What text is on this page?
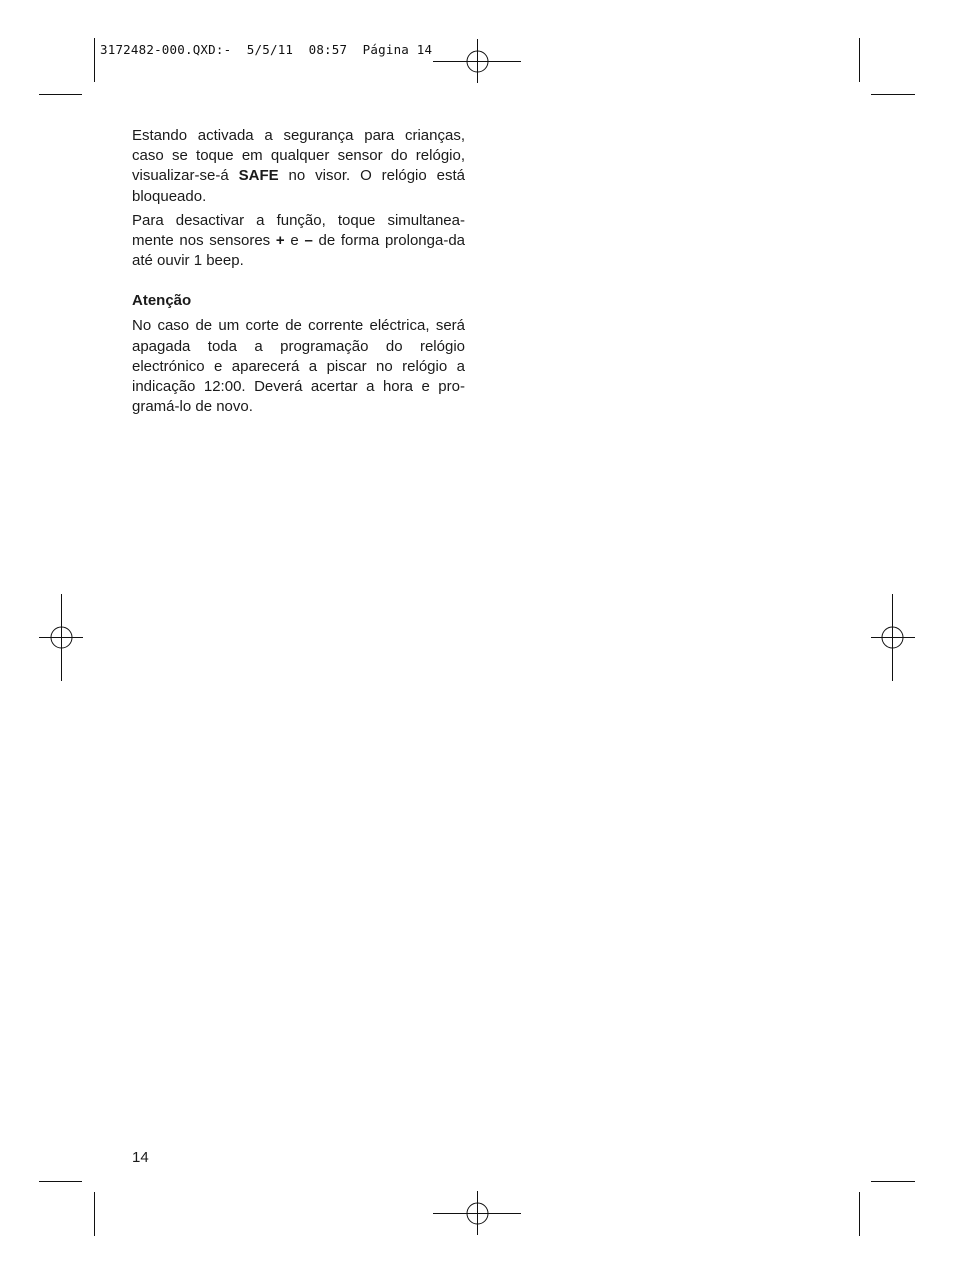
3172482-000.QXD:-  5/5/11  08:57  Página 14

Estando activada a segurança para crianças, caso se toque em qualquer sensor do relógio, visualizar-se-á SAFE no visor. O relógio está bloqueado.

Para desactivar a função, toque simultanea-mente nos sensores + e – de forma prolonga-da até ouvir 1 beep.

Atenção

No caso de um corte de corrente eléctrica, será apagada toda a programação do relógio electrónico e aparecerá a piscar no relógio a indicação 12:00. Deverá acertar a hora e pro-gramá-lo de novo.

14
